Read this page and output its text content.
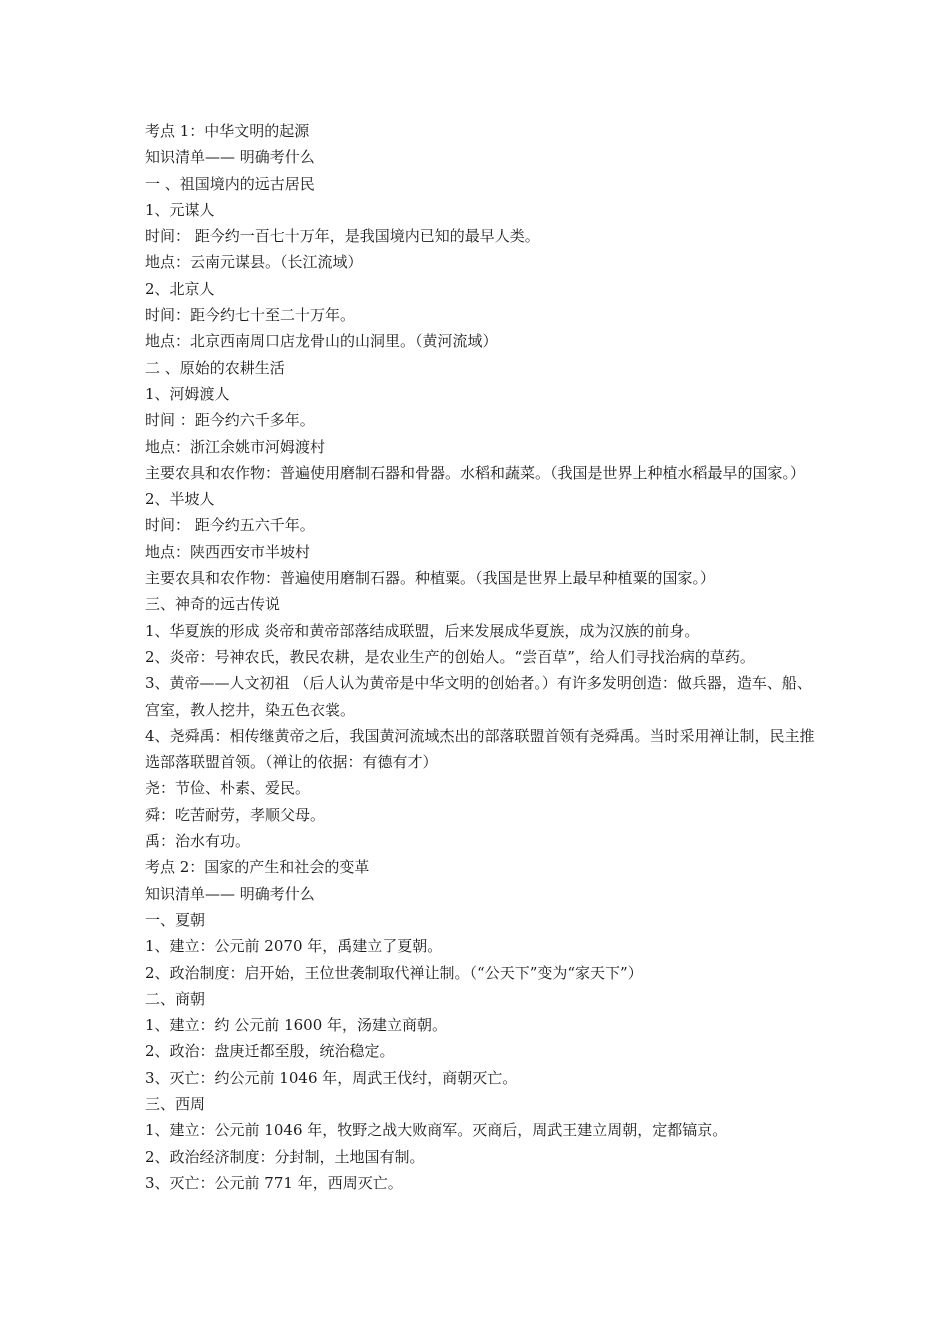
考点 1：中华文明的起源
知识清单—— 明确考什么
一 、祖国境内的远古居民
1、元谋人
时间： 距今约一百七十万年，是我国境内已知的最早人类。
地点：云南元谋县。（长江流域）
2、北京人
时间：距今约七十至二十万年。
地点：北京西南周口店龙骨山的山洞里。（黄河流域）
二 、原始的农耕生活
1、河姆渡人
时间 ：距今约六千多年。
地点：浙江余姚市河姆渡村
主要农具和农作物：普遍使用磨制石器和骨器。水稻和蔬菜。（我国是世界上种植水稻最早的国家。）
2、半坡人
时间： 距今约五六千年。
地点：陕西西安市半坡村
主要农具和农作物：普遍使用磨制石器。种植粟。（我国是世界上最早种植粟的国家。）
三、神奇的远古传说
1、华夏族的形成 炎帝和黄帝部落结成联盟，后来发展成华夏族，成为汉族的前身。
2、炎帝：号神农氏，教民农耕，是农业生产的创始人。“尝百草”，给人们寻找治病的草药。
3、黄帝——人文初祖 （后人认为黄帝是中华文明的创始者。）有许多发明创造：做兵器，造车、船、宫室，教人挖井，染五色衣裳。
4、尧舜禹：相传继黄帝之后，我国黄河流域杰出的部落联盟首领有尧舜禹。当时采用禅让制，民主推选部落联盟首领。（禅让的依据：有德有才）
尧：节俭、朴素、爱民。
舜：吃苦耐劳，孝顺父母。
禹：治水有功。
考点 2：国家的产生和社会的变革
知识清单—— 明确考什么
一、夏朝
1、建立：公元前 2070 年，禹建立了夏朝。
2、政治制度：启开始，王位世袭制取代禅让制。（“公天下”变为“家天下”）
二、商朝
1、建立：约 公元前 1600 年，汤建立商朝。
2、政治：盘庚迁都至殷，统治稳定。
3、灭亡：约公元前 1046 年，周武王伐纣，商朝灭亡。
三、西周
1、建立：公元前 1046 年，牧野之战大败商军。灭商后，周武王建立周朝，定都镐京。
2、政治经济制度：分封制，土地国有制。
3、灭亡：公元前 771 年，西周灭亡。
